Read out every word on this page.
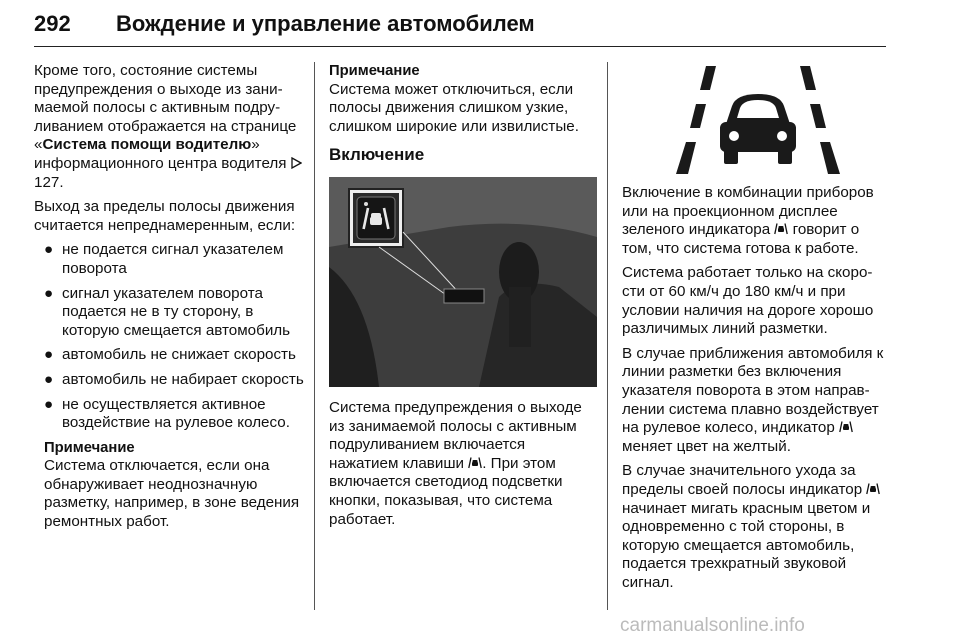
292 Вождение и управление автомобилем

Кроме того, состояние системы предупреждения о выходе из занимаемой полосы с активным подруливанием отображается на странице «Система помощи водителю» информационного центра водителя  127.

Выход за пределы полосы движения считается непреднамеренным, если:

● не подается сигнал указателем поворота
● сигнал указателем поворота подается не в ту сторону, в которую смещается автомобиль
● автомобиль не снижает скорость
● автомобиль не набирает скорость
● не осуществляется активное воздействие на рулевое колесо.
Примечание
Система отключается, если она обнаруживает неоднозначную разметку, например, в зоне ведения ремонтных работ.
Примечание
Система может отключиться, если полосы движения слишком узкие, слишком широкие или извилистые.
Включение

Система предупреждения о выходе из занимаемой полосы с активным подруливанием включается нажатием клавиши . При этом включается светодиод подсветки кнопки, показывая, что система работает.

Включение в комбинации приборов или на проекционном дисплее зеленого индикатора  говорит о том, что система готова к работе.

Система работает только на скорости от 60 км/ч до 180 км/ч и при условии наличия на дороге хорошо различимых линий разметки.

В случае приближения автомобиля к линии разметки без включения указателя поворота в этом направлении система плавно воздействует на рулевое колесо, индикатор  меняет цвет на желтый.

В случае значительного ухода за пределы своей полосы индикатор  начинает мигать красным цветом и одновременно с той стороны, в которую смещается автомобиль, подается трехкратный звуковой сигнал.

carmanualsonline.info
